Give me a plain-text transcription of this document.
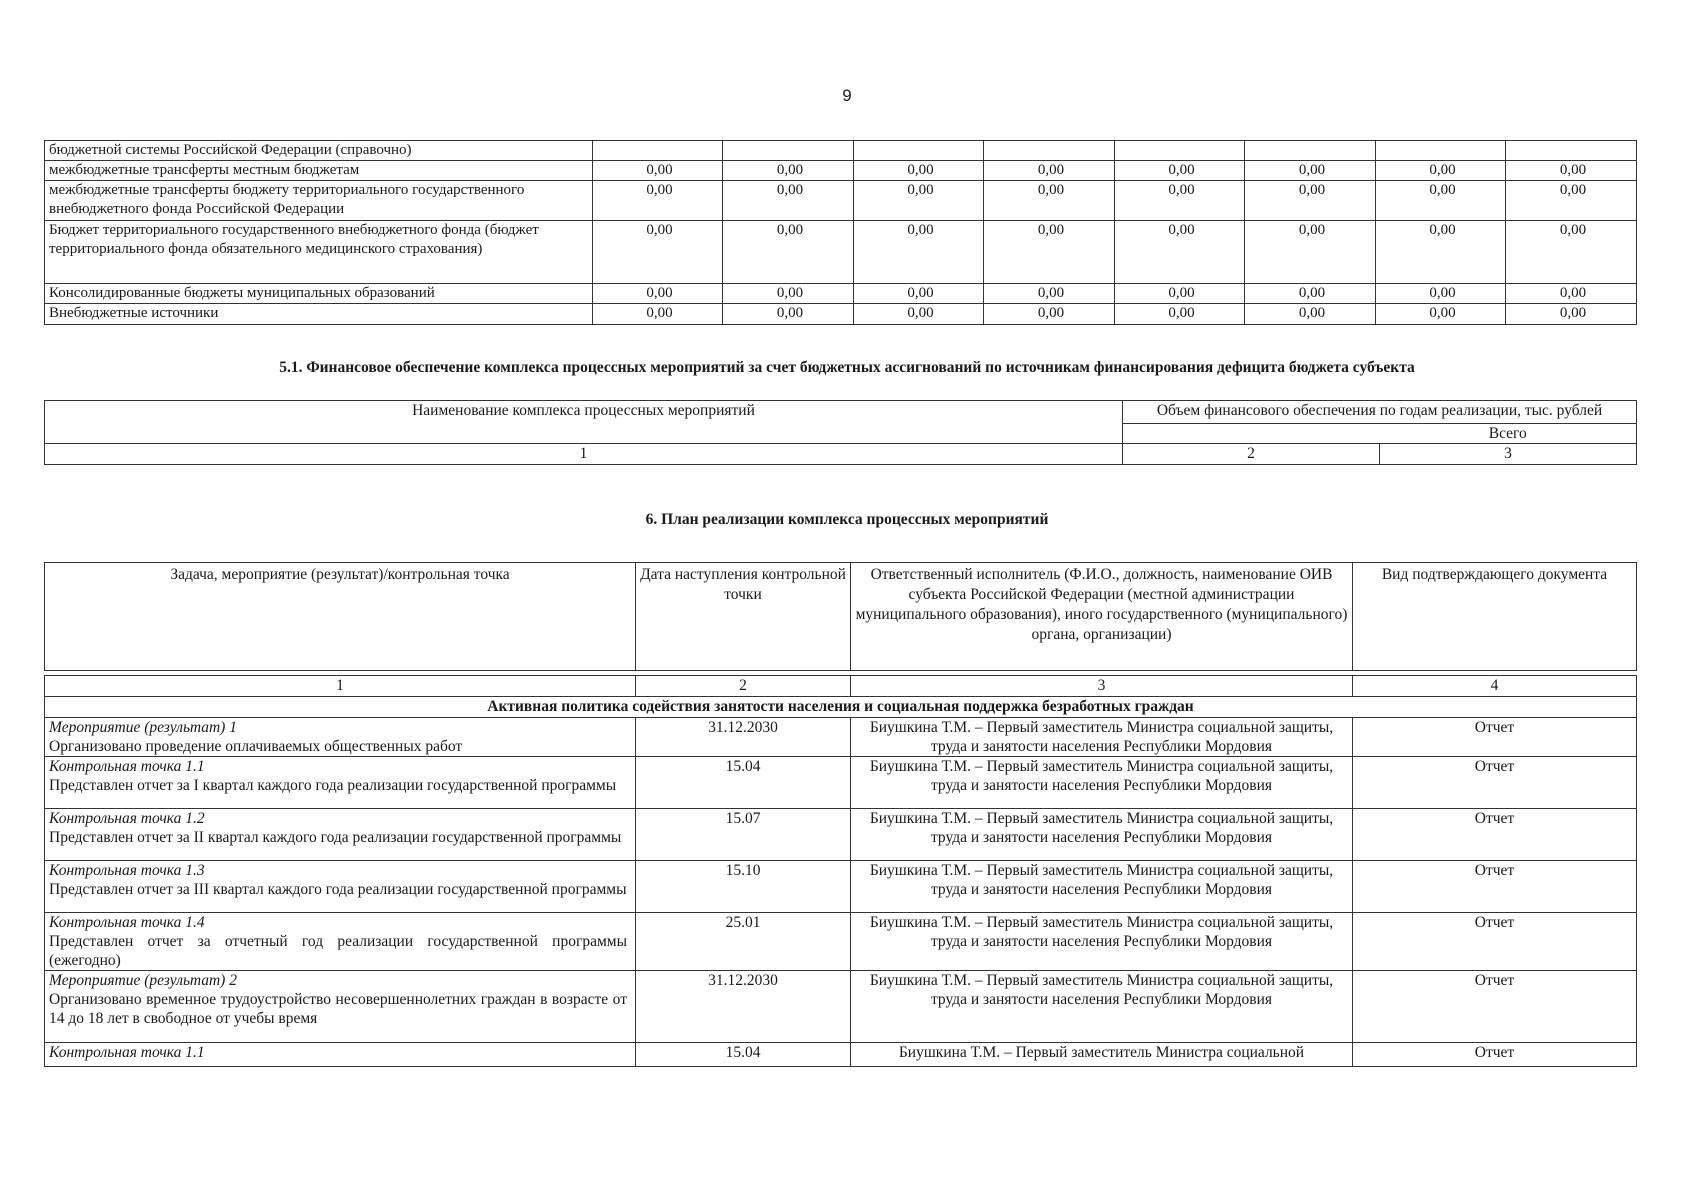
9
бюджетной системы Российской Федерации (справочно)								
межбюджетные трансферты местным бюджетам	0,00	0,00	0,00	0,00	0,00	0,00	0,00	0,00
межбюджетные трансферты бюджету территориального государственного внебюджетного фонда Российской Федерации	0,00	0,00	0,00	0,00	0,00	0,00	0,00	0,00
Бюджет территориального государственного внебюджетного фонда (бюджет территориального фонда обязательного медицинского страхования)	0,00	0,00	0,00	0,00	0,00	0,00	0,00	0,00
Консолидированные бюджеты муниципальных образований	0,00	0,00	0,00	0,00	0,00	0,00	0,00	0,00
Внебюджетные источники	0,00	0,00	0,00	0,00	0,00	0,00	0,00	0,00
5.1. Финансовое обеспечение комплекса процессных мероприятий за счет бюджетных ассигнований по источникам финансирования дефицита бюджета субъекта
Наименование комплекса процессных мероприятий	Объем финансового обеспечения по годам реализации, тыс. рублей	
		Всего
1	2	3
6. План реализации комплекса процессных мероприятий
Задача, мероприятие (результат)/контрольная точка	Дата наступления контрольной точки	Ответственный исполнитель (Ф.И.О., должность, наименование ОИВ субъекта Российской Федерации (местной администрации муниципального образования), иного государственного (муниципального) органа, организации)	Вид подтверждающего документа
1	2	3	4
Активная политика содействия занятости населения и социальная поддержка безработных граждан			

Мероприятие (результат) 1
Организовано проведение оплачиваемых общественных работ	31.12.2030	Биушкина Т.М. – Первый заместитель Министра социальной защиты, труда и занятости населения Республики Мордовия	Отчет

Контрольная точка 1.1
Представлен отчет за I квартал каждого года реализации государственной программы	15.04	Биушкина Т.М. – Первый заместитель Министра социальной защиты, труда и занятости населения Республики Мордовия	Отчет

Контрольная точка 1.2
Представлен отчет за II квартал каждого года реализации государственной программы	15.07	Биушкина Т.М. – Первый заместитель Министра социальной защиты, труда и занятости населения Республики Мордовия	Отчет

Контрольная точка 1.3
Представлен отчет за III квартал каждого года реализации государственной программы	15.10	Биушкина Т.М. – Первый заместитель Министра социальной защиты, труда и занятости населения Республики Мордовия	Отчет

Контрольная точка 1.4
Представлен отчет за отчетный год реализации государственной программы (ежегодно)	25.01	Биушкина Т.М. – Первый заместитель Министра социальной защиты, труда и занятости населения Республики Мордовия	Отчет

Мероприятие (результат) 2
Организовано временное трудоустройство несовершеннолетних граждан в возрасте от 14 до 18 лет в свободное от учебы время	31.12.2030	Биушкина Т.М. – Первый заместитель Министра социальной защиты, труда и занятости населения Республики Мордовия	Отчет

Контрольная точка 1.1	15.04	Биушкина Т.М. – Первый заместитель Министра социальной	Отчет
